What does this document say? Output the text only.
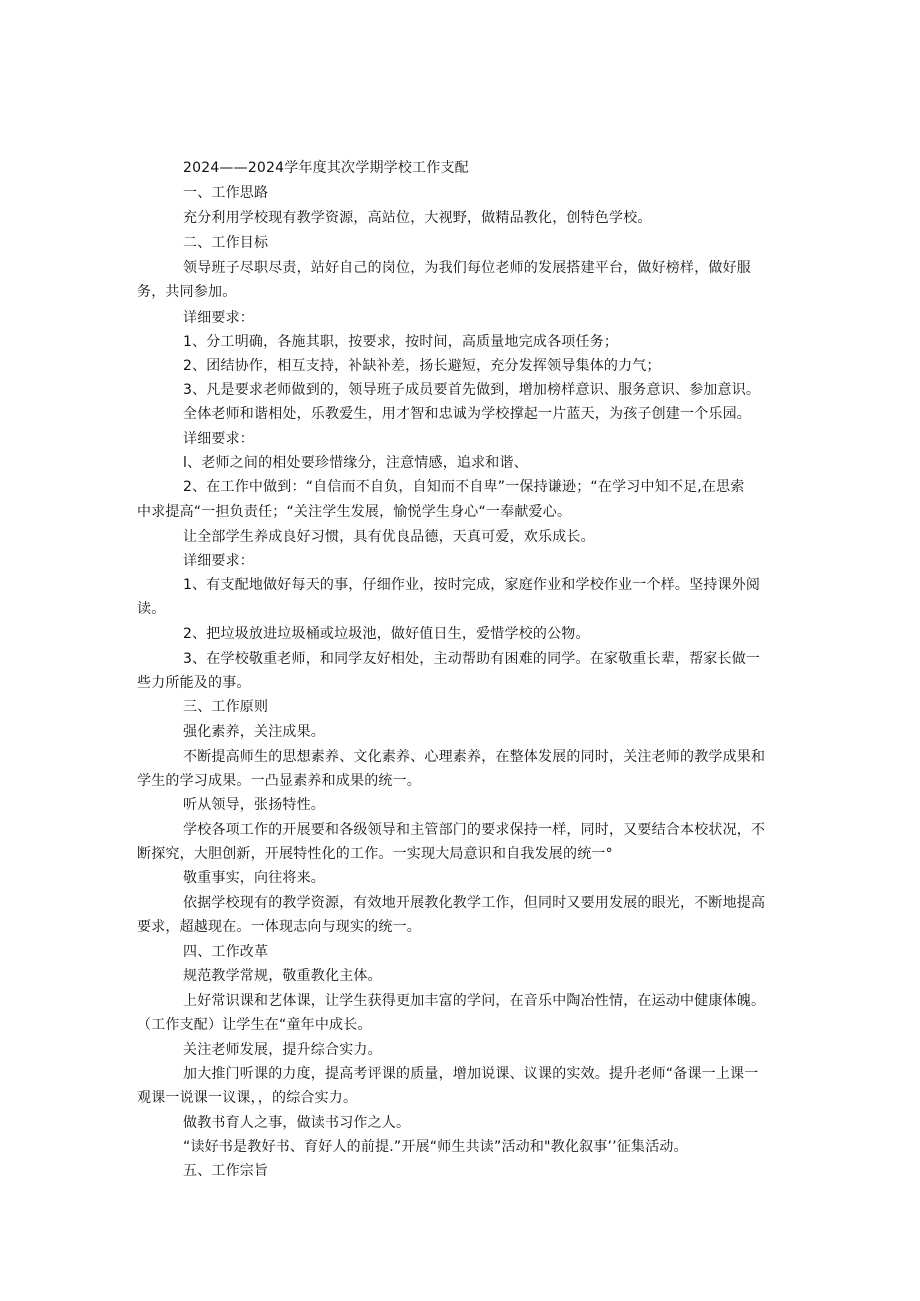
2024——2024学年度其次学期学校工作支配
一、工作思路
充分利用学校现有教学资源，高站位，大视野，做精品教化，创特色学校。
二、工作目标
领导班子尽职尽责，站好自己的岗位，为我们每位老师的发展搭建平台，做好榜样，做好服
务，共同参加。
详细要求：
1、分工明确，各施其职，按要求，按时间，高质量地完成各项任务；
2、团结协作，相互支持，补缺补差，扬长避短，充分发挥领导集体的力气；
3、凡是要求老师做到的，领导班子成员要首先做到，增加榜样意识、服务意识、参加意识。
全体老师和谐相处，乐教爱生，用才智和忠诚为学校撑起一片蓝天，为孩子创建一个乐园。
详细要求：
l、老师之间的相处要珍惜缘分，注意情感，追求和谐、
2、在工作中做到：“自信而不自负，自知而不自卑”一保持谦逊；“在学习中知不足,在思索
中求提高“一担负责任；“关注学生发展，愉悦学生身心“一奉献爱心。
让全部学生养成良好习惯，具有优良品德，天真可爱，欢乐成长。
详细要求：
1、有支配地做好每天的事，仔细作业，按时完成，家庭作业和学校作业一个样。坚持课外阅
读。
2、把垃圾放进垃圾桶或垃圾池，做好值日生，爱惜学校的公物。
3、在学校敬重老师，和同学友好相处，主动帮助有困难的同学。在家敬重长辈，帮家长做一
些力所能及的事。
三、工作原则
强化素养，关注成果。
不断提高师生的思想素养、文化素养、心理素养，在整体发展的同时，关注老师的教学成果和
学生的学习成果。一凸显素养和成果的统一。
听从领导，张扬特性。
学校各项工作的开展要和各级领导和主管部门的要求保持一样，同时，又要结合本校状况，不
断探究，大胆创新，开展特性化的工作。一实现大局意识和自我发展的统一°
敬重事实，向往将来。
依据学校现有的教学资源，有效地开展教化教学工作，但同时又要用发展的眼光，不断地提高
要求，超越现在。一体现志向与现实的统一。
四、工作改革
规范教学常规，敬重教化主体。
上好常识课和艺体课，让学生获得更加丰富的学问，在音乐中陶冶性情，在运动中健康体魄。
（工作支配）让学生在“童年中成长。
关注老师发展，提升综合实力。
加大推门听课的力度，提高考评课的质量，增加说课、议课的实效。提升老师“备课一上课一
观课一说课一议课，，的综合实力。
做教书育人之事，做读书习作之人。
“读好书是教好书、育好人的前提.”开展“师生共读”活动和"教化叙事’’征集活动。
五、工作宗旨
